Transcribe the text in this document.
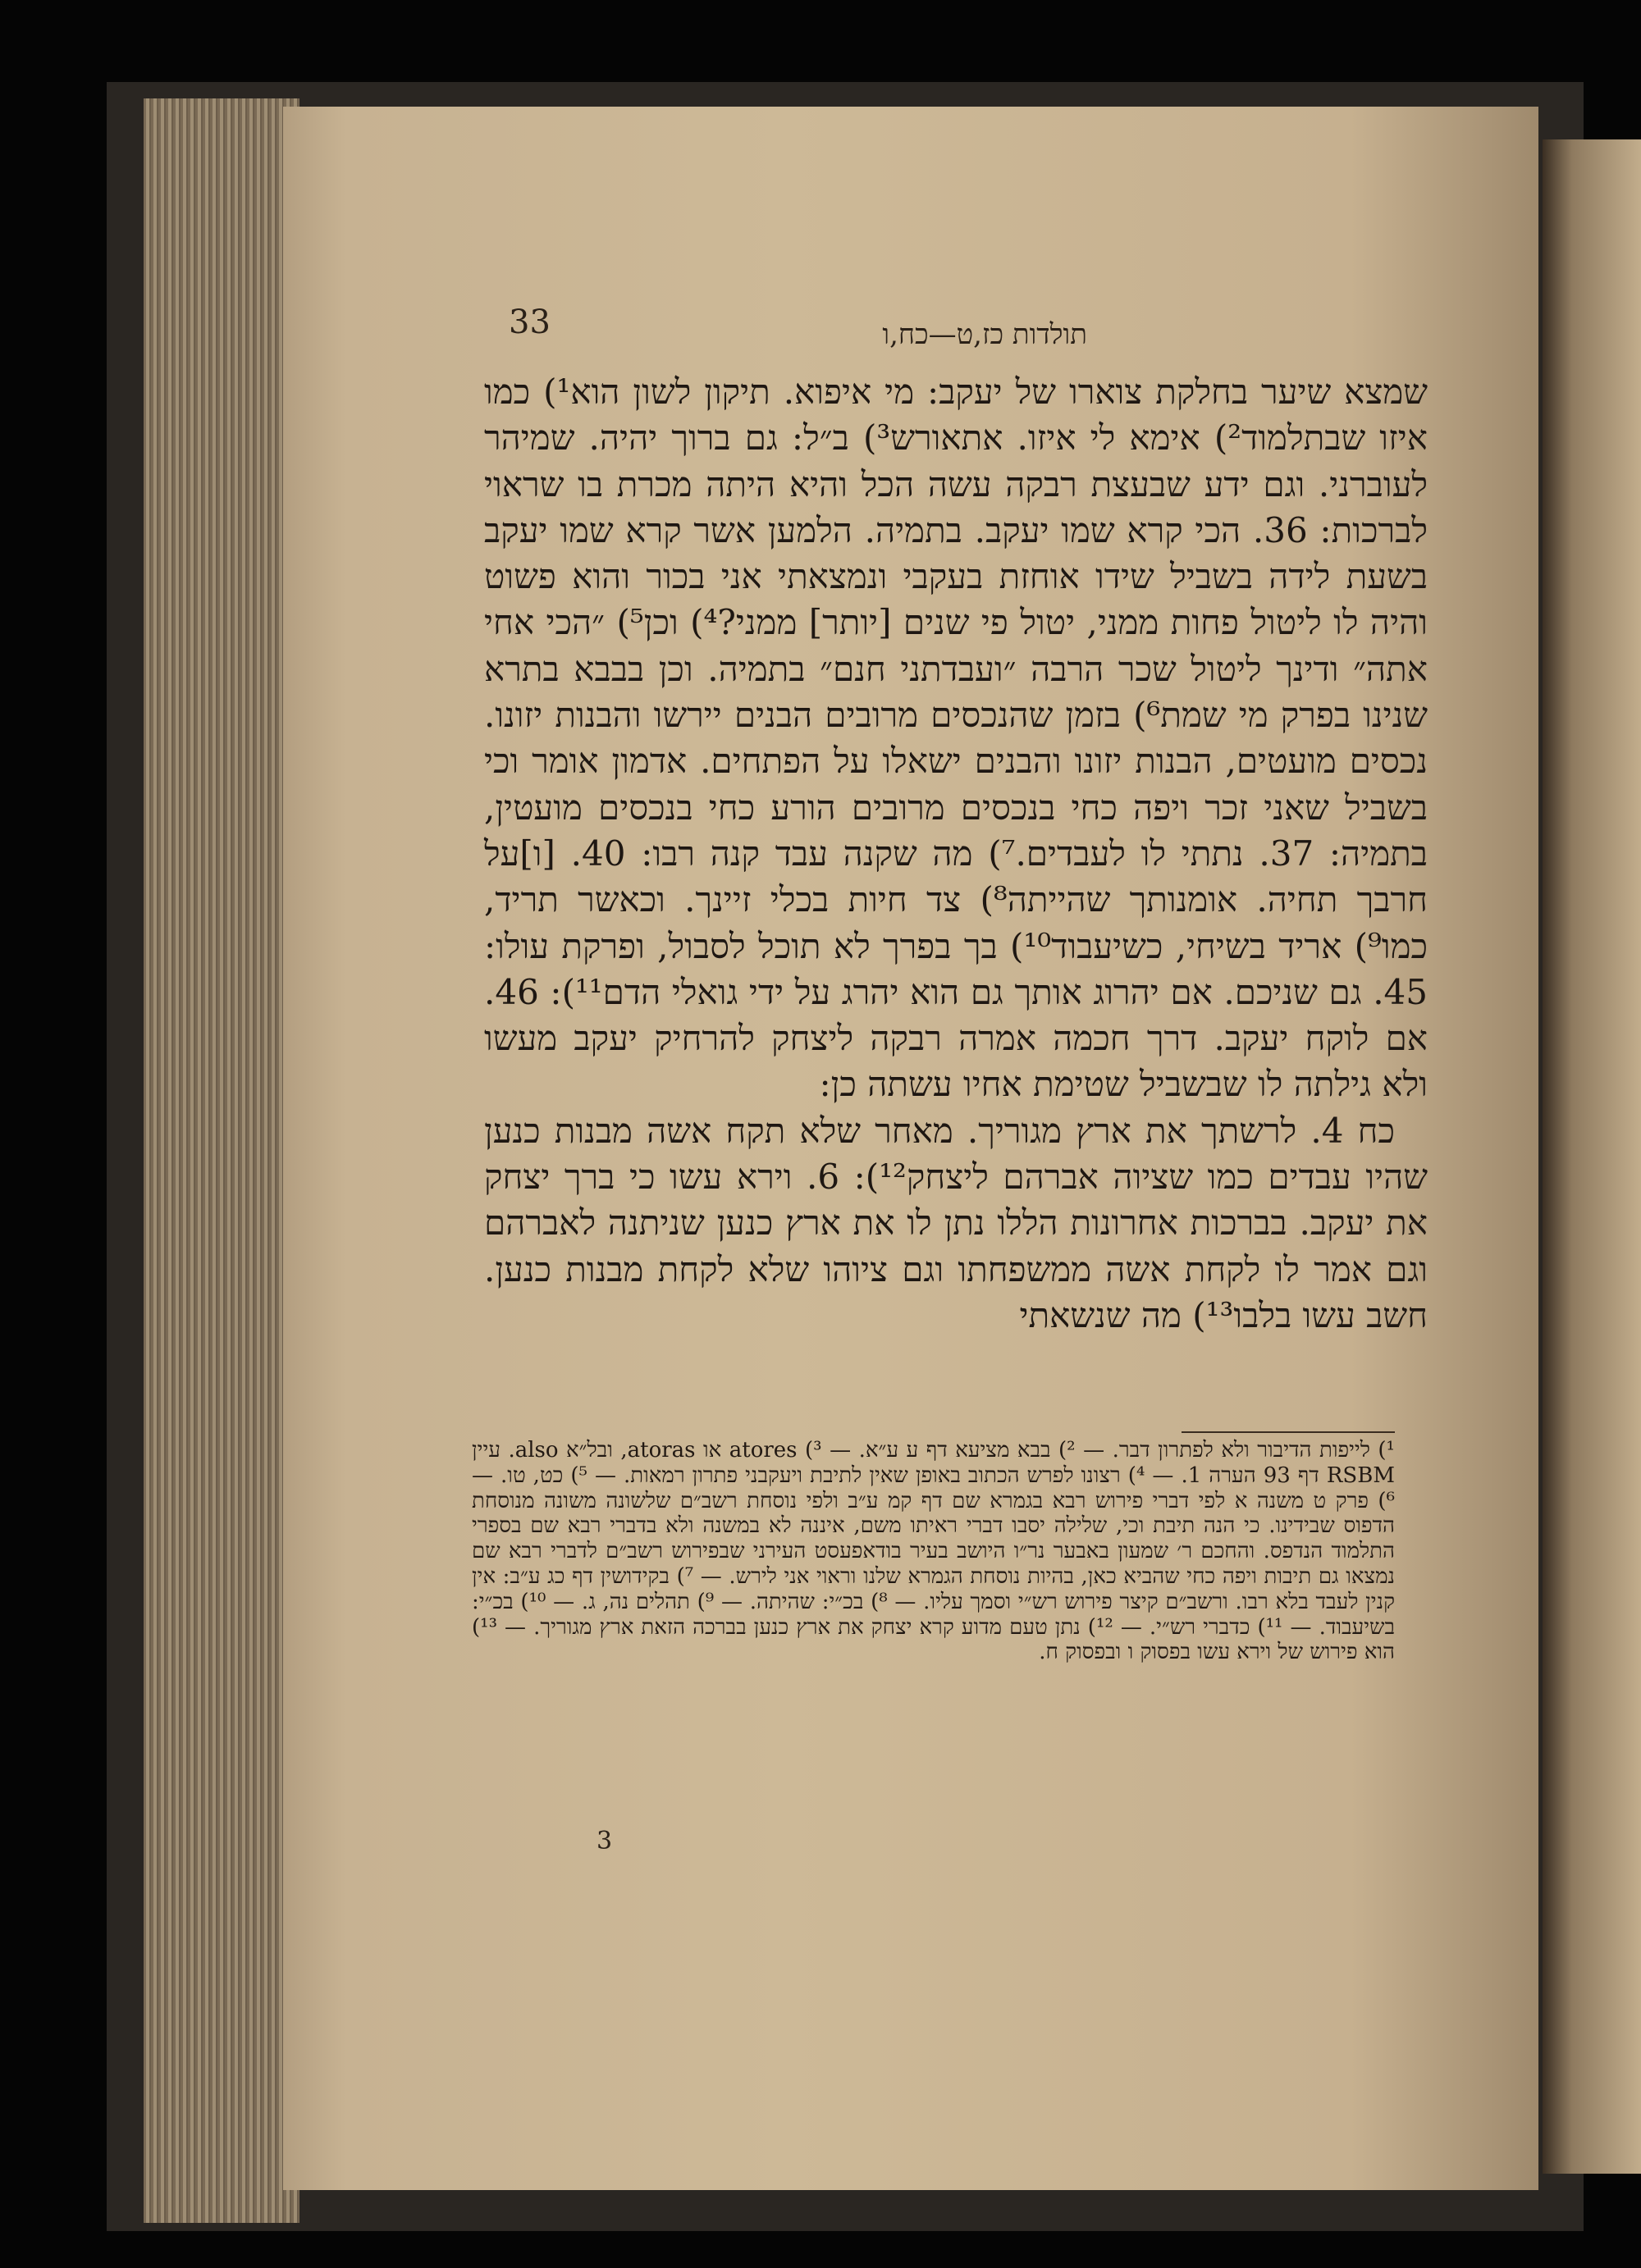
33	תולדות כז,ט—כח,ו

שמצא שיער בחלקת צוארו של יעקב: מי איפוא. תיקון לשון הוא¹) כמו איזו שבתלמוד²) אימא לי איזו. אתאורש³) ב״ל: גם ברוך יהיה. שמיהר לעוברני. וגם ידע שבעצת רבקה עשה הכל והיא היתה מכרת בו שראוי לברכות: 36. הכי קרא שמו יעקב. בתמיה. הלמען אשר קרא שמו יעקב בשעת לידה בשביל שידו אוחזת בעקבי ונמצאתי אני בכור והוא פשוט והיה לו ליטול פחות ממני, יטול פי שנים [יותר] ממני?⁴) וכן⁵) ״הכי אחי אתה״ ודינך ליטול שכר הרבה ״ועבדתני חנם״ בתמיה. וכן בבבא בתרא שנינו בפרק מי שמת⁶) בזמן שהנכסים מרובים הבנים יירשו והבנות יזונו. נכסים מועטים, הבנות יזונו והבנים ישאלו על הפתחים. אדמון אומר וכי בשביל שאני זכר ויפה כחי בנכסים מרובים הורע כחי בנכסים מועטין, בתמיה: 37. נתתי לו לעבדים.⁷) מה שקנה עבד קנה רבו: 40. [ו]על חרבך תחיה. אומנותך שהייתה⁸) צד חיות בכלי זיינך. וכאשר תריד, כמו⁹) אריד בשיחי, כשיעבוד¹⁰) בך בפרך לא תוכל לסבול, ופרקת עולו: 45. גם שניכם. אם יהרוג אותך גם הוא יהרג על ידי גואלי הדם¹¹): 46. אם לוקח יעקב. דרך חכמה אמרה רבקה ליצחק להרחיק יעקב מעשו ולא גילתה לו שבשביל שטימת אחיו עשתה כן:

כח 4. לרשתך את ארץ מגוריך. מאחר שלא תקח אשה מבנות כנען שהיו עבדים כמו שציוה אברהם ליצחק¹²): 6. וירא עשו כי ברך יצחק את יעקב. בברכות אחרונות הללו נתן לו את ארץ כנען שניתנה לאברהם וגם אמר לו לקחת אשה ממשפחתו וגם ציוהו שלא לקחת מבנות כנען. חשב עשו בלבו¹³) מה שנשאתי

¹) לייפות הדיבור ולא לפתרון דבר. — ²) בבא מציעא דף ע ע״א. — ³) atores או atoras, ובל״א also. עיין RSBM דף 93 הערה 1. — ⁴) רצונו לפרש הכתוב באופן שאין לתיבת ויעקבני פתרון רמאות. — ⁵) כט, טו. — ⁶) פרק ט משנה א לפי דברי פירוש רבא בגמרא שם דף קמ ע״ב ולפי נוסחת רשב״ם שלשונה משונה מנוסחת הדפוס שבידינו. כי הנה תיבת וכי, שלילה יסבו דברי ראיתו משם, איננה לא במשנה ולא בדברי רבא שם בספרי התלמוד הנדפס. והחכם ר׳ שמעון באבער נר״ו היושב בעיר בודאפעסט העירני שבפירוש רשב״ם לדברי רבא שם נמצאו גם תיבות ויפה כחי שהביא כאן, בהיות נוסחת הגמרא שלנו וראוי אני לירש. — ⁷) בקידושין דף כג ע״ב: אין קנין לעבד בלא רבו. ורשב״ם קיצר פירוש רש״י וסמך עליו. — ⁸) בכ״י: שהיתה. — ⁹) תהלים נה, ג. — ¹⁰) בכ״י: בשיעבוד. — ¹¹) כדברי רש״י. — ¹²) נתן טעם מדוע קרא יצחק את ארץ כנען בברכה הזאת ארץ מגוריך. — ¹³) הוא פירוש של וירא עשו בפסוק ו ובפסוק ח.

3
